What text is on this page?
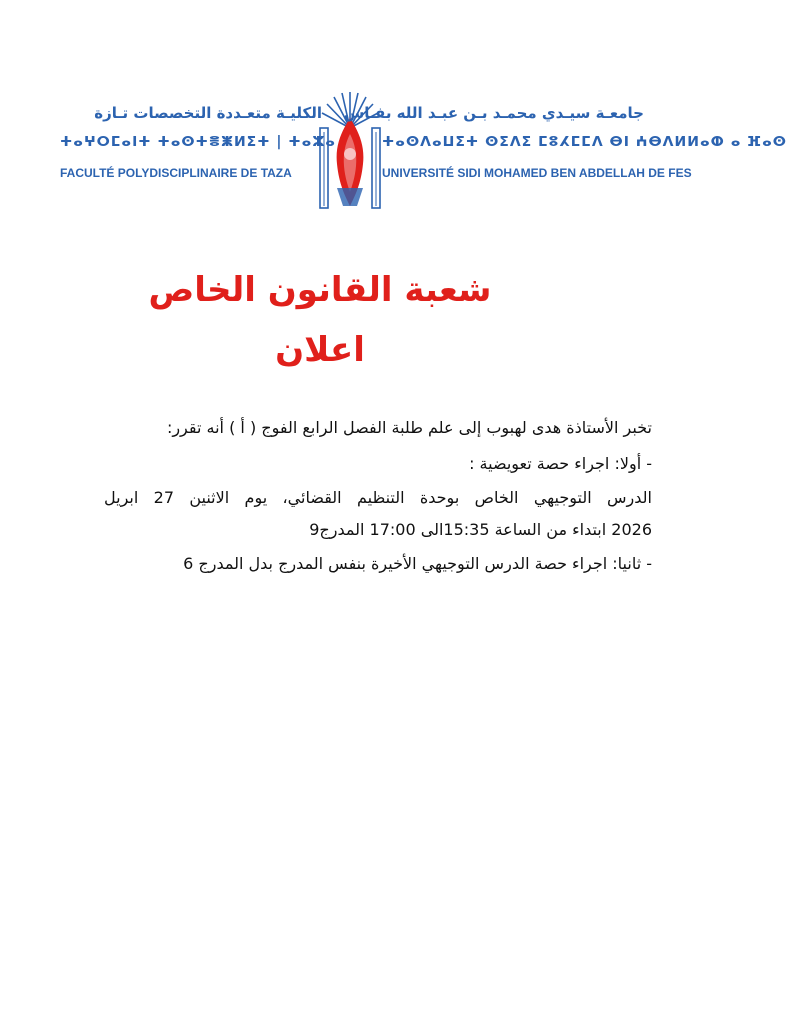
الكليـة متعـددة التخصصات تـازة
ⵜⴰⵖⵔⵎⴰⵏⵜ ⵜⴰⵙⵜⴻⵥⵍⵉⵜ | ⵜⴰⵣⴰ
FACULTÉ POLYDISCIPLINAIRE DE TAZA
جامعـة سيـدي محمـد بـن عبـد الله بفـاس
ⵜⴰⵙⴷⴰⵡⵉⵜ ⵙⵉⴷⵉ ⵎⵓⵃⵎⵎⴷ ⴱⵏ ⵄⴱⴷⵍⵍⴰⵀ ⴰ ⴼⴰⵙ
UNIVERSITÉ SIDI MOHAMED BEN ABDELLAH DE FES
شعبة القانون الخاص
اعلان
تخبر الأستاذة هدى لهبوب إلى علم طلبة الفصل الرابع الفوج ( أ ) أنه تقرر:
- أولا: اجراء حصة تعويضية :
الدرس التوجيهي الخاص بوحدة التنظيم القضائي، يوم الاثنين 27 ابريل
2026 ابتداء من الساعة 15:35الى 17:00 المدرج9
- ثانيا: اجراء حصة الدرس التوجيهي الأخيرة بنفس المدرج بدل المدرج 6
